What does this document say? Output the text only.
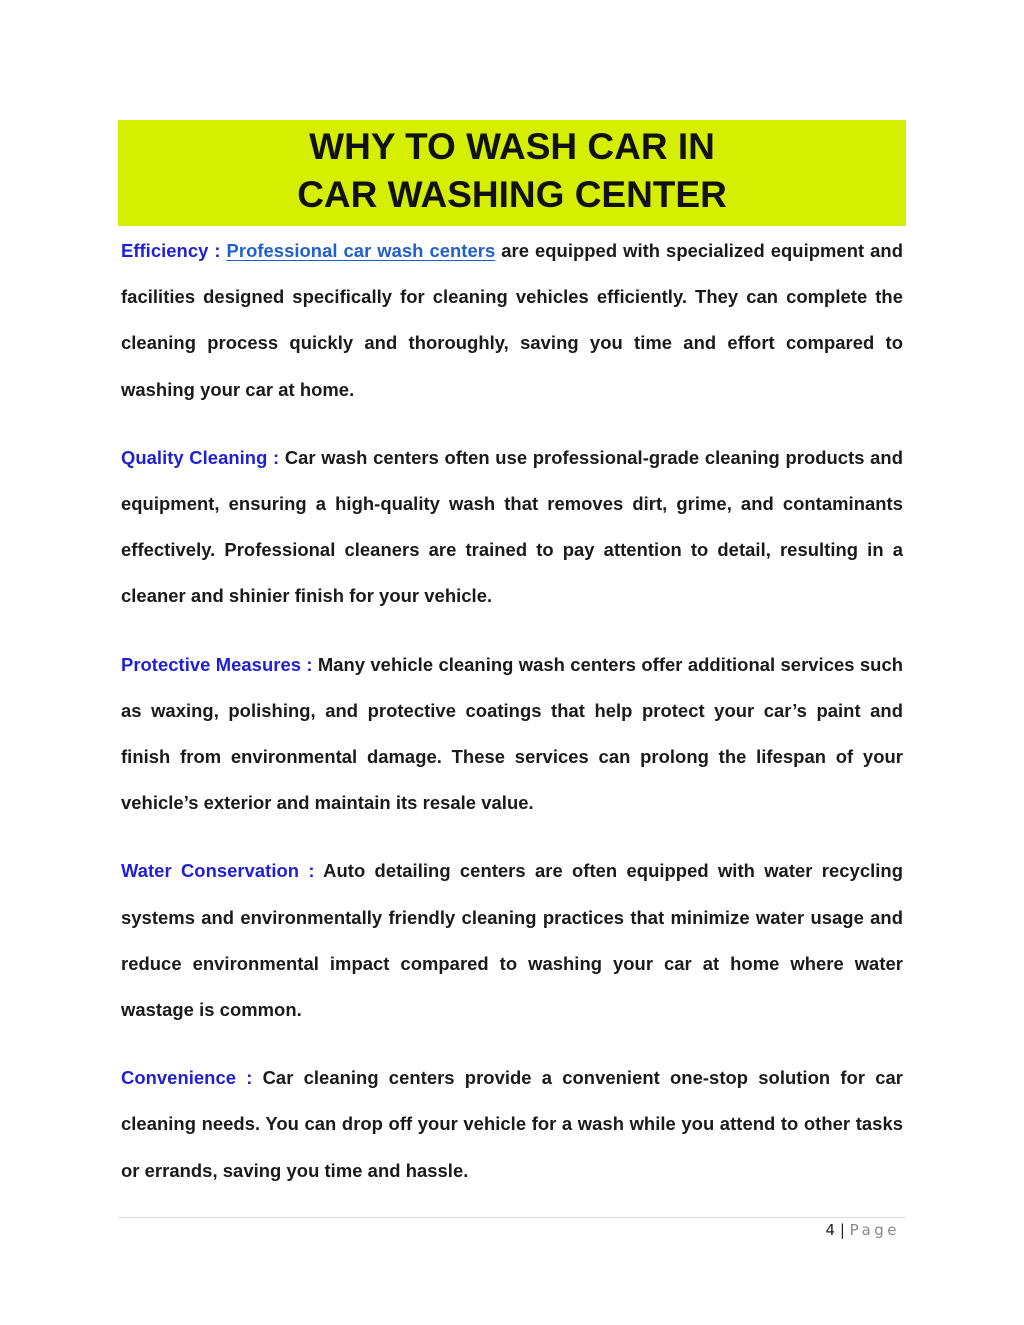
WHY TO WASH CAR IN
CAR WASHING CENTER

Efficiency : Professional car wash centers are equipped with specialized equipment and facilities designed specifically for cleaning vehicles efficiently. They can complete the cleaning process quickly and thoroughly, saving you time and effort compared to washing your car at home.

Quality Cleaning : Car wash centers often use professional-grade cleaning products and equipment, ensuring a high-quality wash that removes dirt, grime, and contaminants effectively. Professional cleaners are trained to pay attention to detail, resulting in a cleaner and shinier finish for your vehicle.

Protective Measures : Many vehicle cleaning wash centers offer additional services such as waxing, polishing, and protective coatings that help protect your car’s paint and finish from environmental damage. These services can prolong the lifespan of your vehicle’s exterior and maintain its resale value.

Water Conservation : Auto detailing centers are often equipped with water recycling systems and environmentally friendly cleaning practices that minimize water usage and reduce environmental impact compared to washing your car at home where water wastage is common.

Convenience : Car cleaning centers provide a convenient one-stop solution for car cleaning needs. You can drop off your vehicle for a wash while you attend to other tasks or errands, saving you time and hassle.

4 | Page
